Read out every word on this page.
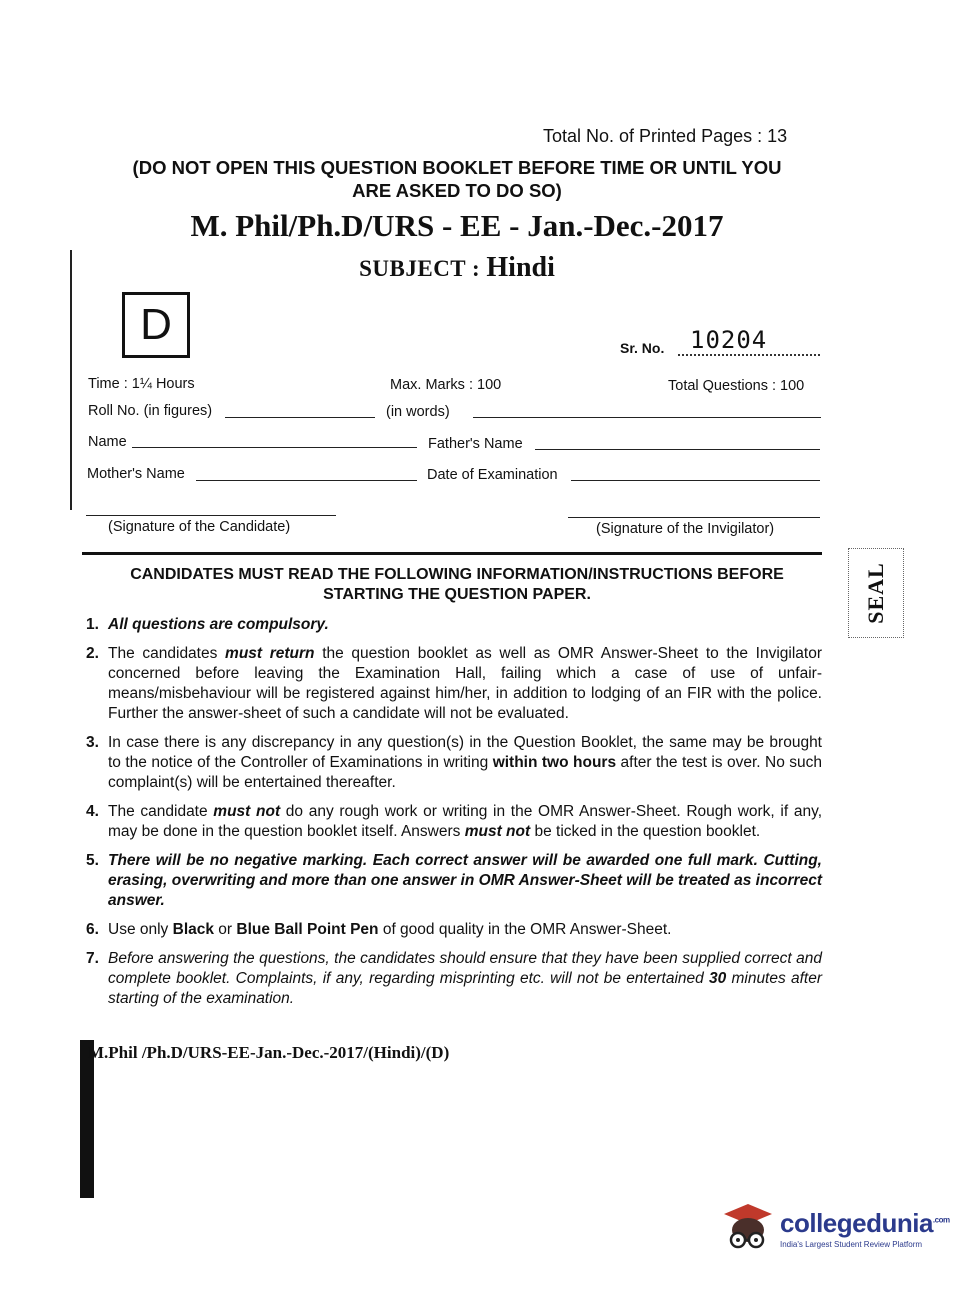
Total No. of Printed Pages : 13
(DO NOT OPEN THIS QUESTION BOOKLET BEFORE TIME OR UNTIL YOU
ARE ASKED TO DO SO)
M. Phil/Ph.D/URS - EE - Jan.-Dec.-2017
SUBJECT : Hindi
D	Sr. No. 10204
Time : 1¼ Hours	Max. Marks : 100	Total Questions : 100
Roll No. (in figures)	(in words)
Name	Father's Name
Mother's Name	Date of Examination
(Signature of the Candidate)	(Signature of the Invigilator)
CANDIDATES MUST READ THE FOLLOWING INFORMATION/INSTRUCTIONS BEFORE
STARTING THE QUESTION PAPER.
1. All questions are compulsory.
2. The candidates must return the question booklet as well as OMR Answer-Sheet to the Invigilator concerned before leaving the Examination Hall, failing which a case of use of unfair-means/misbehaviour will be registered against him/her, in addition to lodging of an FIR with the police. Further the answer-sheet of such a candidate will not be evaluated.
3. In case there is any discrepancy in any question(s) in the Question Booklet, the same may be brought to the notice of the Controller of Examinations in writing within two hours after the test is over. No such complaint(s) will be entertained thereafter.
4. The candidate must not do any rough work or writing in the OMR Answer-Sheet. Rough work, if any, may be done in the question booklet itself. Answers must not be ticked in the question booklet.
5. There will be no negative marking. Each correct answer will be awarded one full mark. Cutting, erasing, overwriting and more than one answer in OMR Answer-Sheet will be treated as incorrect answer.
6. Use only Black or Blue Ball Point Pen of good quality in the OMR Answer-Sheet.
7. Before answering the questions, the candidates should ensure that they have been supplied correct and complete booklet. Complaints, if any, regarding misprinting etc. will not be entertained 30 minutes after starting of the examination.
M.Phil /Ph.D/URS-EE-Jan.-Dec.-2017/(Hindi)/(D)
SEAL
collegedunia$^{.com}$
India's Largest Student Review Platform
